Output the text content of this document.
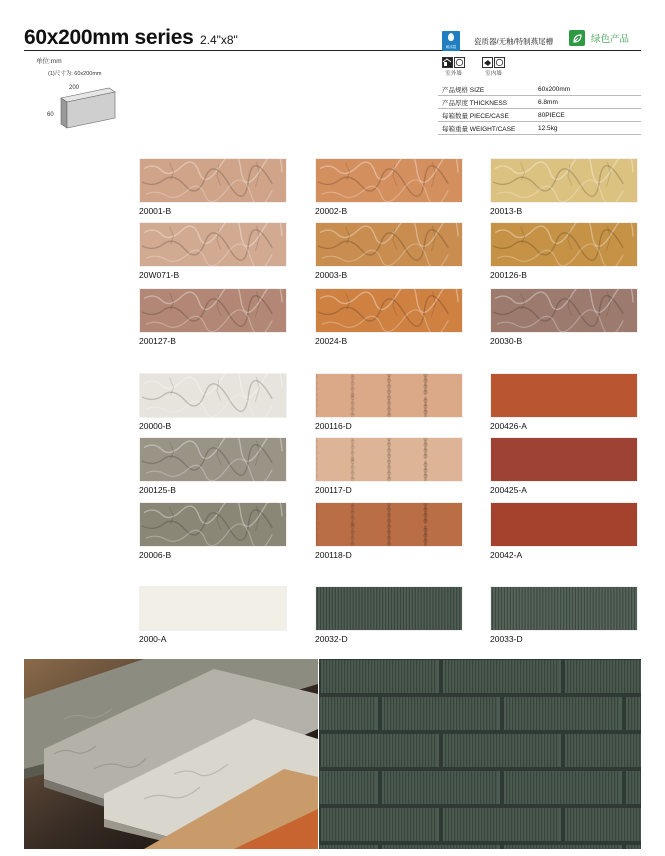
60x200mm series 2.4"x8"	耐冻裂
瓷质器/无釉/特制燕尾槽	绿色产品
单位:mm
(1)尺寸为: 60x200mm
200
60
室外墙	室内墙
产品规格 SIZE	60x200mm
产品厚度 THICKNESS	6.8mm
每箱数量 PIECE/CASE	80PIECE
每箱重量 WEIGHT/CASE	12.5kg
20001-B	20002-B	20013-B
20W071-B	20003-B	200126-B
200127-B	20024-B	20030-B
20000-B	200116-D	200426-A
200125-B	200117-D	200425-A
20006-B	200118-D	20042-A
2000-A	20032-D	20033-D
